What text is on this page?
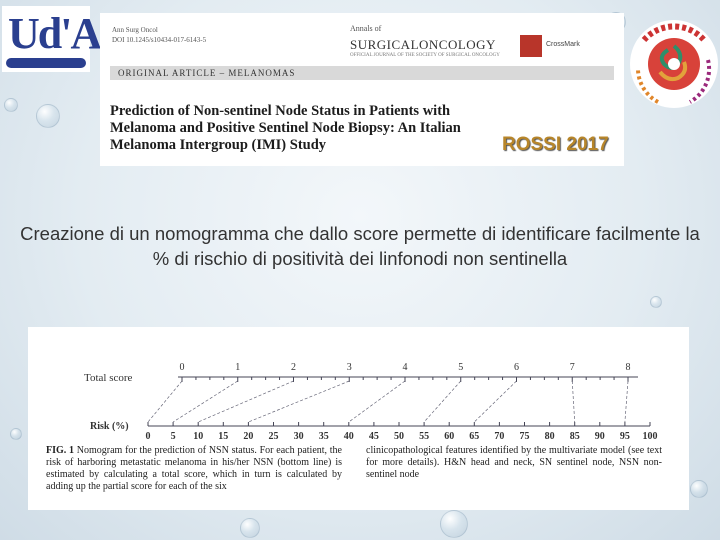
Ud'A Ann Surg Oncol
DOI 10.1245/s10434-017-6143-5
Annals of
SURGICALONCOLOGY
OFFICIAL JOURNAL OF THE SOCIETY OF SURGICAL ONCOLOGY
CrossMark
ORIGINAL ARTICLE – MELANOMAS
Prediction of Non-sentinel Node Status in Patients with Melanoma and Positive Sentinel Node Biopsy: An Italian Melanoma Intergroup (IMI) Study	ROSSI 2017
Creazione di un nomogramma che dallo score permette di identificare facilmente la % di rischio di positività dei linfonodi non sentinella
Total score
Risk (%)
0	1	2	3	4	5	6	7	8
0 5 10 15 20 25 30 35 40 45 50 55 60 65 70 75 80 85 90 95 100
FIG. 1 Nomogram for the prediction of NSN status. For each patient, the risk of harboring metastatic melanoma in his/her NSN (bottom line) is estimated by calculating a total score, which in turn is calculated by adding up the partial score for each of the six
clinicopathological features identified by the multivariate model (see text for more details). H&N head and neck, SN sentinel node, NSN non-sentinel node
